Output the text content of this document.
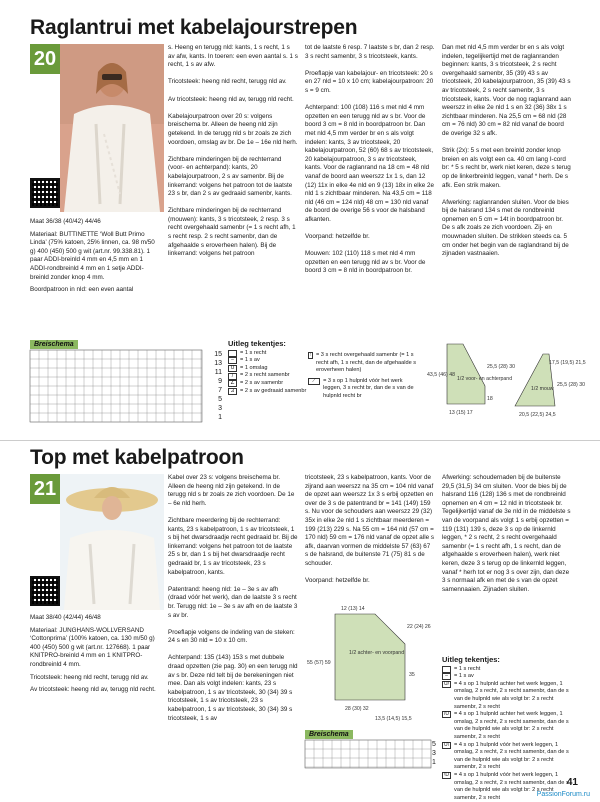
Raglantrui met kabelajourstrepen
20

Maat 36/38 (40/42) 44/46

Materiaal: BUTTINETTE ‘Woll Butt Primo Linda’ (75% katoen, 25% linnen, ca. 98 m/50 g) 400 (450) 500 g wit (art.nr. 99.338.81). 1 paar ADDI-breinld 4 mm en 4,5 mm en 1 ADDI-rondbreinld 4 mm en 1 setje ADDI-breinld zonder knop 4 mm.

Boordpatroon in nld: een even aantal

s. Heeng en terugg nld: kants, 1 s recht, 1 s av afw, kants. In toeren: een even aantal s. 1 s recht, 1 s av afw.

Tricotsteek: heeng nld recht, terugg nld av.

Av tricotsteek: heeng nld av, terugg nld recht.

Kabelajourpatroon over 20 s: volgens breischema br. Alleen de heeng nld zijn getekend. In de terugg nld s br zoals ze zich voordoen, omslag av br. De 1e – 16e nld herh.

Zichtbare minderingen bij de rechterrand (voor- en achterpand): kants, 20 kabelajourpatroon, 2 s av samenbr. Bij de linkerrand: volgens het patroon tot de laatste 23 s br, dan 2 s av gedraaid samenbr, kants.

Zichtbare minderingen bij de rechterrand (mouwen): kants, 3 s tricotsteek, 2 resp. 3 s recht overgehaald samenbr (= 1 s recht afh, 1 s recht resp. 2 s recht samenbr, dan de afgehaalde s eroverheen halen). Bij de linkerrand: volgens het patroon
tot de laatste 6 resp. 7 laatste s br, dan 2 resp. 3 s recht samenbr, 3 s tricotsteek, kants.

Proeflapje van kabelajour- en tricotsteek: 20 s en 27 nld = 10 x 10 cm; kabelajourpatroon: 20 s = 9 cm.

Achterpand: 100 (108) 116 s met nld 4 mm opzetten en een terugg nld av s br. Voor de boord 3 cm = 8 nld in boordpatroon br. Dan met nld 4,5 mm verder br en s als volgt indelen: kants, 3 av tricotsteek, 20 kabelajourpatroon, 52 (60) 68 s av tricotsteek, 20 kabelajourpatroon, 3 s av tricotsteek, kants. Voor de raglanrand na 18 cm = 48 nld vanaf de boord aan weerszz 1x 1 s, dan 12 (12) 11x in elke 4e nld en 9 (13) 18x in elke 2e nld 1 s zichtbaar minderen. Na 43,5 cm = 118 nld (46 cm = 124 nld) 48 cm = 130 nld vanaf de boord de overige 56 s voor de halsband afkanten.

Voorpand: hetzelfde br.

Mouwen: 102 (110) 118 s met nld 4 mm opzetten en een terugg nld av s br. Voor de boord 3 cm = 8 nld in boordpatroon br.
Dan met nld 4,5 mm verder br en s als volgt indelen, tegelijkertijd met de raglanranden beginnen: kants, 3 s tricotsteek, 2 s recht overgehaald samenbr, 35 (39) 43 s av tricotsteek, 20 kabelajourpatroon, 35 (39) 43 s av tricotsteek, 2 s recht samenbr, 3 s tricotsteek, kants. Voor de nog raglanrand aan weerszz in elke 2e nld 1 s en 32 (36) 38x 1 s zichtbaar minderen. Na 25,5 cm = 68 nld (28 cm = 76 nld) 30 cm = 82 nld vanaf de boord de overige 32 s afk.

Strik (2x): 5 s met een breinld zonder knop breien en als volgt een ca. 40 cm lang I-cord br: * 5 s recht br, werk niet keren, deze s terug op de linkerbreinld leggen, vanaf * herh. De s afk. Een strik maken.

Afwerking: raglanranden sluiten. Voor de bies bij de halsrand 134 s met de rondbreinld opnemen en 5 cm = 14t in boordpatroon br. De s afk zoals ze zich voordoen. Zij- en mouwnaden sluiten. De strikken steeds ca. 5 cm onder het begin van de raglandrand bij de zijnaden vastnaaien.
Breischema
15
13
11
9
7
5
3
1
Uitleg tekentjes:
= 1 s recht
–	= 1 s av
U	= 1 omslag
/	= 2 s recht samenbr
∠ = 2 s av samenbr
⊿ = 2 s av gedraaid samenbr
↑ = 3 s recht overgehaald samenbr (= 1 s recht afh, 1 s recht, dan de afgehaalde s eroverheen halen)
⟋	= 3 s op 1 hulpnld vóór het werk leggen, 3 s recht br, dan de s van de hulpnld recht br
1/2 voor- en achterpand
43,5 (46) 48
25,5 (28) 30
18
13 (15) 17
1/2 mouw
17,5 (19,5) 21,5
25,5 (28) 30
20,5 (22,5) 24,5
Top met kabelpatroon
21

Maat 38/40 (42/44) 46/48

Materiaal: JUNGHANS-WOLLVERSAND ‘Cottonprima’ (100% katoen, ca. 130 m/50 g) 400 (450) 500 g wit (art.nr. 127668). 1 paar KNITPRO-breinld 4 mm en 1 KNITPRO-rondbreinld 4 mm.

Tricotsteek: heeng nld recht, terugg nld av.

Av tricotsteek: heeng nld av, terugg nld recht.

Kabel over 23 s: volgens breischema br. Alleen de heeng nld zijn getekend. In de terugg nld s br zoals ze zich voordoen. De 1e – 6e nld herh.

Zichtbare meerdering bij de rechterrand: kants, 23 s kabelpatroon, 1 s av tricotsteek, 1 s bij het dwarsdraadje recht gedraaid br. Bij de linkerrand: volgens het patroon tot de laatste 25 s br, dan 1 s bij het dwarsdraadje recht gedraaid br, 1 s av tricotsteek, 23 s kabelpatroon, kants.

Patentrand: heeng nld: 1e – 3e s av afh (draad vóór het werk), dan de laatste 3 s recht br. Terugg nld: 1e – 3e s av afh en de laatste 3 s av br.

Proeflapje volgens de indeling van de steken: 24 s en 30 nld = 10 x 10 cm.

Achterpand: 135 (143) 153 s met dubbele draad opzetten (zie pag. 30) en een terugg nld av s br. Deze nld telt bij de berekeningen niet mee. Dan als volgt indelen: kants, 23 s kabelpatroon, 1 s av tricotsteek, 30 (34) 39 s tricotsteek, 1 s av tricotsteek, 23 s kabelpatroon, 1 s av tricotsteek, 30 (34) 39 s tricotsteek, 1 s av
tricotsteek, 23 s kabelpatroon, kants. Voor de zijrand aan weerszz na 35 cm = 104 nld vanaf de opzet aan weerszz 1x 3 s erbij opzetten en over de 3 s de patentrand br = 141 (149) 159 s. Nu voor de schouders aan weerszz 29 (32) 35x in elke 2e nld 1 s zichtbaar meerderen = 199 (213) 229 s. Na 55 cm = 164 nld (57 cm = 170 nld) 59 cm = 176 nld vanaf de opzet alle s afk, daarvan vormen de middelste 57 (63) 67 s de halsrand, de buitenste 71 (75) 81 s de schouder.

Voorpand: hetzelfde br.
Afwerking: schoudernaden bij de buitenste 29,5 (31,5) 34 cm sluiten. Voor de bies bij de halsrand 116 (128) 136 s met de rondbreinld opnemen en 4 cm = 12 nld in tricotsteek br. Tegelijkertijd vanaf de 3e nld in de middelste s van de voorpand als volgt 1 s erbij opzetten = 119 (131) 139 s, deze 3 s op de linkernld leggen, * 2 s recht, 2 s recht overgehaald samenbr (= 1 s recht afh, 1 s recht, dan de afgehaalde s eroverheen halen), werk niet keren, deze 3 s terug op de linkernld leggen, vanaf * herh tot er nog 3 s over zijn, dan deze 3 s normaal afk en met de s van de opzet samennaaien. Zijnaden sluiten.
1/2 achter- en voorpand
12 (13) 14
22 (24) 26
55 (57) 59
35
28 (30) 32
13,5 (14,5) 15,5
Breischema
5
3
1
Uitleg tekentjes:
= 1 s recht
–	= 1 s av
U/ = 4 s op 1 hulpnld achter het werk leggen, 1 omslag, 2 s recht, 2 s recht samenbr, dan de s van de hulpnld wie als volgt br: 2 s recht samenbr, 2 s recht
/U = 4 s op 1 hulpnld achter het werk leggen, 1 omslag, 2 s recht, 2 s recht samenbr, dan de s van de hulpnld wie als volgt br: 2 s recht samenbr, 2 s recht
U\ = 4 s op 1 hulpnld vóór het werk leggen, 1 omslag, 2 s recht, 2 s recht samenbr, dan de s van de hulpnld wie als volgt br: 2 s recht samenbr, 2 s recht
\U = 4 s op 1 hulpnld vóór het werk leggen, 1 omslag, 2 s recht, 2 s recht samenbr, dan de s van de hulpnld wie als volgt br: 2 s recht samenbr, 2 s recht
41
PassionForum.ru
